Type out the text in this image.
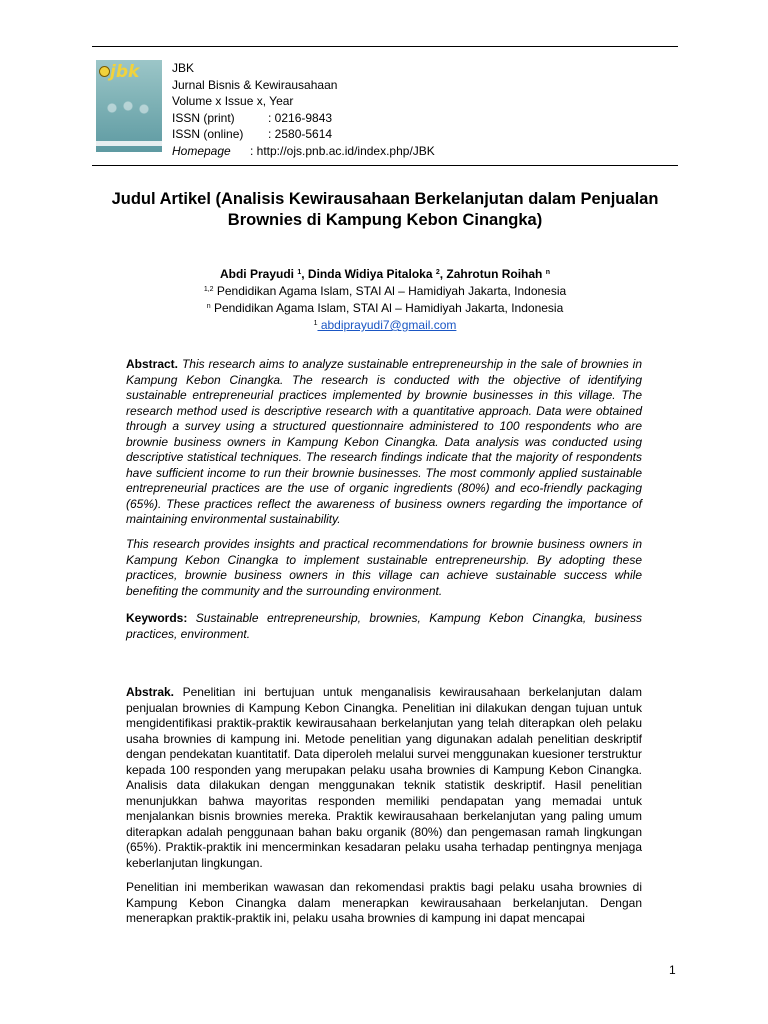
jbk	JBK
Jurnal Bisnis & Kewirausahaan
Volume x Issue x, Year
ISSN (print)	: 0216-9843
ISSN (online) : 2580-5614
Homepage : http://ojs.pnb.ac.id/index.php/JBK
Judul Artikel (Analisis Kewirausahaan Berkelanjutan dalam Penjualan Brownies di Kampung Kebon Cinangka)
Abdi Prayudi $^1$, Dinda Widiya Pitaloka $^2$, Zahrotun Roihah $^n$
$^{1,2}$ Pendidikan Agama Islam, STAI Al – Hamidiyah Jakarta, Indonesia
$^n$ Pendidikan Agama Islam, STAI Al – Hamidiyah Jakarta, Indonesia
$^1$ abdiprayudi7@gmail.com
Abstract. This research aims to analyze sustainable entrepreneurship in the sale of brownies in Kampung Kebon Cinangka. The research is conducted with the objective of identifying sustainable entrepreneurial practices implemented by brownie businesses in this village. The research method used is descriptive research with a quantitative approach. Data were obtained through a survey using a structured questionnaire administered to 100 respondents who are brownie business owners in Kampung Kebon Cinangka. Data analysis was conducted using descriptive statistical techniques. The research findings indicate that the majority of respondents have sufficient income to run their brownie businesses. The most commonly applied sustainable entrepreneurial practices are the use of organic ingredients (80%) and eco-friendly packaging (65%). These practices reflect the awareness of business owners regarding the importance of maintaining environmental sustainability.
This research provides insights and practical recommendations for brownie business owners in Kampung Kebon Cinangka to implement sustainable entrepreneurship. By adopting these practices, brownie business owners in this village can achieve sustainable success while benefiting the community and the surrounding environment.
Keywords: Sustainable entrepreneurship, brownies, Kampung Kebon Cinangka, business practices, environment.
Abstrak. Penelitian ini bertujuan untuk menganalisis kewirausahaan berkelanjutan dalam penjualan brownies di Kampung Kebon Cinangka. Penelitian ini dilakukan dengan tujuan untuk mengidentifikasi praktik-praktik kewirausahaan berkelanjutan yang telah diterapkan oleh pelaku usaha brownies di kampung ini. Metode penelitian yang digunakan adalah penelitian deskriptif dengan pendekatan kuantitatif. Data diperoleh melalui survei menggunakan kuesioner terstruktur kepada 100 responden yang merupakan pelaku usaha brownies di Kampung Kebon Cinangka. Analisis data dilakukan dengan menggunakan teknik statistik deskriptif. Hasil penelitian menunjukkan bahwa mayoritas responden memiliki pendapatan yang memadai untuk menjalankan bisnis brownies mereka. Praktik kewirausahaan berkelanjutan yang paling umum diterapkan adalah penggunaan bahan baku organik (80%) dan pengemasan ramah lingkungan (65%). Praktik-praktik ini mencerminkan kesadaran pelaku usaha terhadap pentingnya menjaga keberlanjutan lingkungan.
Penelitian ini memberikan wawasan dan rekomendasi praktis bagi pelaku usaha brownies di Kampung Kebon Cinangka dalam menerapkan kewirausahaan berkelanjutan. Dengan menerapkan praktik-praktik ini, pelaku usaha brownies di kampung ini dapat mencapai
1
